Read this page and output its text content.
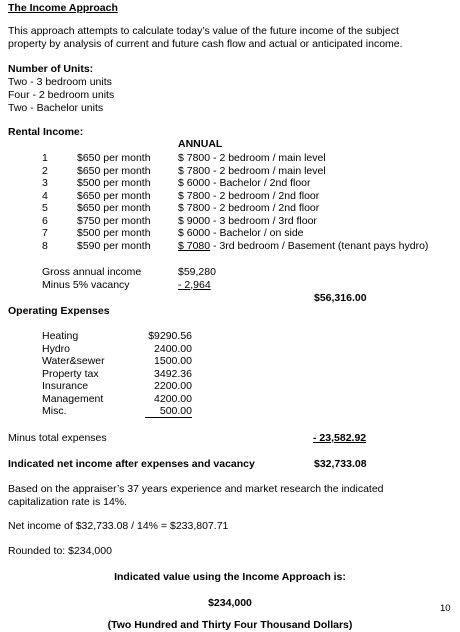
The Income Approach
This approach attempts to calculate today’s value of the future income of the subject
property by analysis of current and future cash flow and actual or anticipated income.
Number of Units:
Two - 3 bedroom units
Four - 2 bedroom units
Two - Bachelor units
Rental Income:
ANNUAL
1	$650 per month	$ 7800 - 2 bedroom / main level
2	$650 per month	$ 7800 - 2 bedroom / main level
3	$500 per month	$ 6000 - Bachelor / 2nd floor
4	$650 per month	$ 7800 - 2 bedroom / 2nd floor
5	$650 per month	$ 7800 - 2 bedroom / 2nd floor
6	$750 per month	$ 9000 - 3 bedroom / 3rd floor
7	$500 per month	$ 6000 - Bachelor / on side
8	$590 per month	$ 7080 - 3rd bedroom / Basement (tenant pays hydro)
Gross annual income	$59,280
Minus 5% vacancy	- 2,964
$56,316.00
Operating Expenses
Heating	$9290.56
Hydro	2400.00
Water&sewer	1500.00
Property tax	3492.36
Insurance	2200.00
Management	4200.00
Misc.	500.00
Minus total expenses	- 23,582.92
Indicated net income after expenses and vacancy	$32,733.08
Based on the appraiser’s 37 years experience and market research the indicated
capitalization rate is 14%.
Net income of $32,733.08 / 14% = $233,807.71
Rounded to: $234,000
Indicated value using the Income Approach is:
$234,000
(Two Hundred and Thirty Four Thousand Dollars)
10
